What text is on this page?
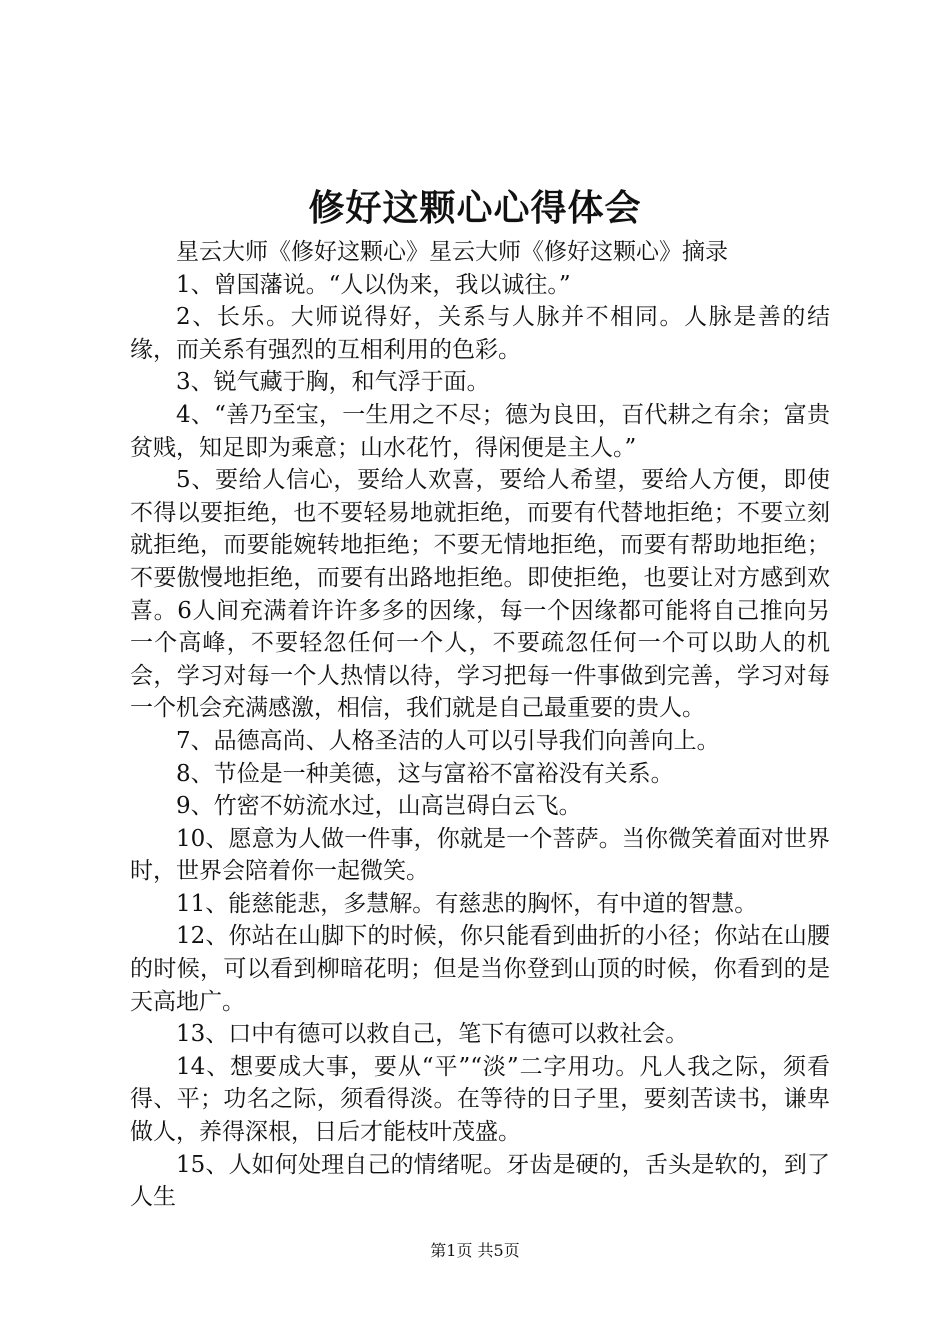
修好这颗心心得体会

星云大师《修好这颗心》星云大师《修好这颗心》摘录

1、曾国藩说。“人以伪来，我以诚往。”

2、长乐。大师说得好，关系与人脉并不相同。人脉是善的结缘，而关系有强烈的互相利用的色彩。

3、锐气藏于胸，和气浮于面。

4、“善乃至宝，一生用之不尽；德为良田，百代耕之有余；富贵贫贱，知足即为乘意；山水花竹，得闲便是主人。”

5、要给人信心，要给人欢喜，要给人希望，要给人方便，即使不得以要拒绝，也不要轻易地就拒绝，而要有代替地拒绝；不要立刻就拒绝，而要能婉转地拒绝；不要无情地拒绝，而要有帮助地拒绝；不要傲慢地拒绝，而要有出路地拒绝。即使拒绝，也要让对方感到欢喜。6人间充满着许许多多的因缘，每一个因缘都可能将自己推向另一个高峰，不要轻忽任何一个人，不要疏忽任何一个可以助人的机会，学习对每一个人热情以待，学习把每一件事做到完善，学习对每一个机会充满感激，相信，我们就是自己最重要的贵人。

7、品德高尚、人格圣洁的人可以引导我们向善向上。

8、节俭是一种美德，这与富裕不富裕没有关系。

9、竹密不妨流水过，山高岂碍白云飞。

10、愿意为人做一件事，你就是一个菩萨。当你微笑着面对世界时，世界会陪着你一起微笑。

11、能慈能悲，多慧解。有慈悲的胸怀，有中道的智慧。

12、你站在山脚下的时候，你只能看到曲折的小径；你站在山腰的时候，可以看到柳暗花明；但是当你登到山顶的时候，你看到的是天高地广。

13、口中有德可以救自己，笔下有德可以救社会。

14、想要成大事，要从“平”“淡”二字用功。凡人我之际，须看得、平；功名之际，须看得淡。在等待的日子里，要刻苦读书，谦卑做人，养得深根，日后才能枝叶茂盛。

15、人如何处理自己的情绪呢。牙齿是硬的，舌头是软的，到了人生

第1页 共5页
